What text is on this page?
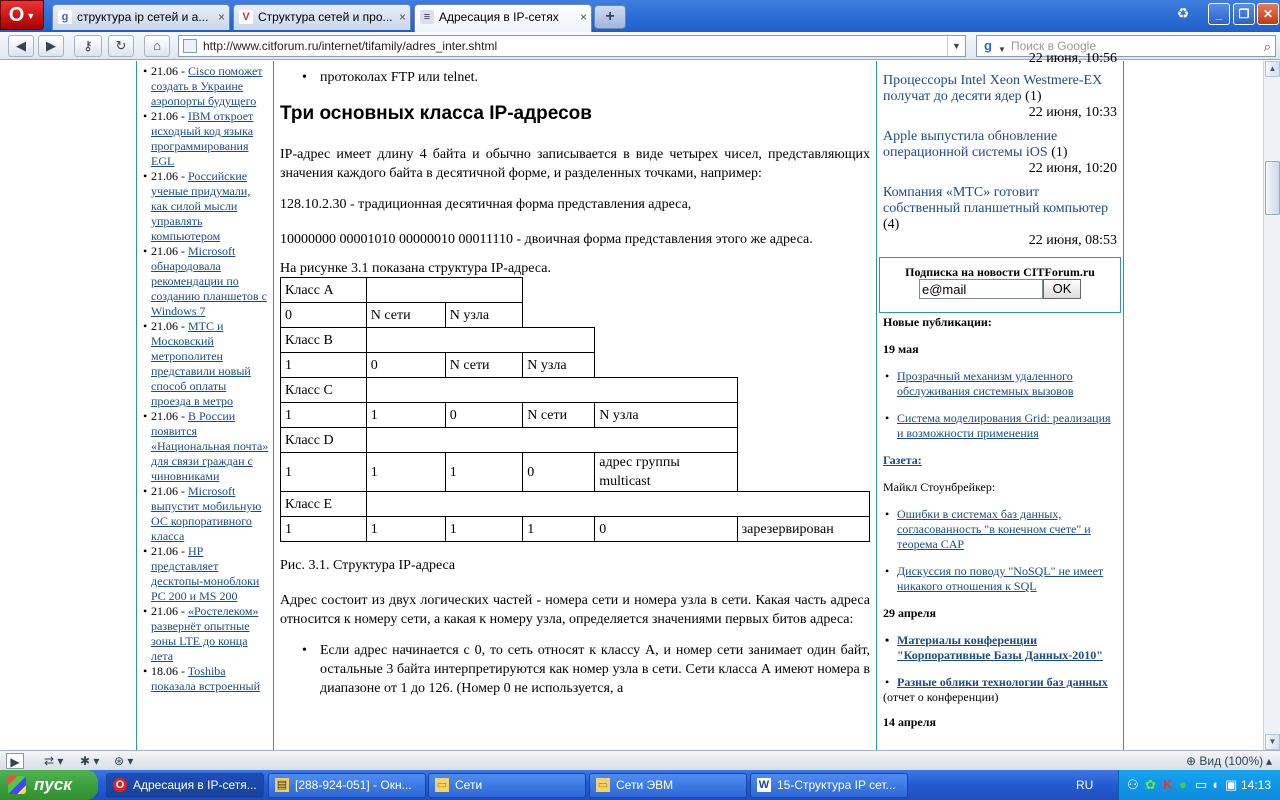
O ▼	g структура ip сетей и а... ×	V Структура сетей и про... ×	≡ Адресация в IP-сетях	×	+	♻	_	❐	✕
◀	▶	⚷	↻	⌂	http://www.citforum.ru/internet/tifamily/adres_inter.shtml	▼	g ▼ Поиск в Google	⌕
• 21.06 - Cisco поможет создать в Украине аэропорты будущего
• 21.06 - IBM откроет исходный код языка программирования EGL
• 21.06 - Российские ученые придумали, как силой мысли управлять компьютером
• 21.06 - Microsoft обнародовала рекомендации по созданию планшетов с Windows 7
• 21.06 - МТС и Московский метрополитен представили новый способ оплаты проезда в метро
• 21.06 - В России появится «Национальная почта» для связи граждан с чиновниками
• 21.06 - Microsoft выпустит мобильную ОС корпоративного класса
• 21.06 - HP представляет десктопы-моноблоки PC 200 и MS 200
• 21.06 - «Ростелеком» развернёт опытные зоны LTE до конца лета
• 18.06 - Toshiba показала встроенный

• протоколах FTP или telnet.

Три основных класса IP-адресов

IP-адрес имеет длину 4 байта и обычно записывается в виде четырех чисел, представляющих значения каждого байта в десятичной форме, и разделенных точками, например:

128.10.2.30 - традиционная десятичная форма представления адреса,

10000000 00001010 00000010 00011110 - двоичная форма представления этого же адреса.

На рисунке 3.1 показана структура IP-адреса.
Класс A					
0	N сети	N узла			
Класс B					
1	0	N сети	N узла		
Класс C					
1	1	0	N сети	N узла	
Класс D					
1	1	1	0	адрес группы multicast	
Класс E					
1	1	1	1	0	зарезервирован

Рис. 3.1. Структура IP-адреса

Адрес состоит из двух логических частей - номера сети и номера узла в сети. Какая часть адреса относится к номеру сети, а какая к номеру узла, определяется значениями первых битов адреса:

• Если адрес начинается с 0, то сеть относят к классу А, и номер сети занимает один байт, остальные 3 байта интерпретируются как номер узла в сети. Сети класса А имеют номера в диапазоне от 1 до 126. (Номер 0 не используется, а

22 июня, 10:56
Процессоры Intel Xeon Westmere-EX получат до десяти ядер (1)
22 июня, 10:33
Apple выпустила обновление операционной системы iOS (1)
22 июня, 10:20
Компания «МТС» готовит собственный планшетный компьютер (4)
22 июня, 08:53
Подписка на новости CITForum.ru
e@mail
OK
Новые публикации:
19 мая
• Прозрачный механизм удаленного обслуживания системных вызовов
• Система моделирования Grid: реализация и возможности применения
Газета:
Майкл Стоунбрейкер:
• Ошибки в системах баз данных, согласованность "в конечном счете" и теорема CAP
• Дискуссия по поводу "NoSQL" не имеет никакого отношения к SQL
29 апреля
• Материалы конференции "Корпоративные Базы Данных-2010"
• Разные облики технологии баз данных
(отчет о конференции)
14 апреля
▲
▼
▶	⇄ ▾ ✱ ▾ ⊛ ▾	⊕ Вид (100%) ▴
пуск	O Адресация в IP-сетя...	▤ [288-924-051] - Окн...	▭ Сети	▭ Сети ЭВМ	W 15-Структура IP сет...	RU	⚇ ✿ K ● ▭ ◖ ▣ 14:13
